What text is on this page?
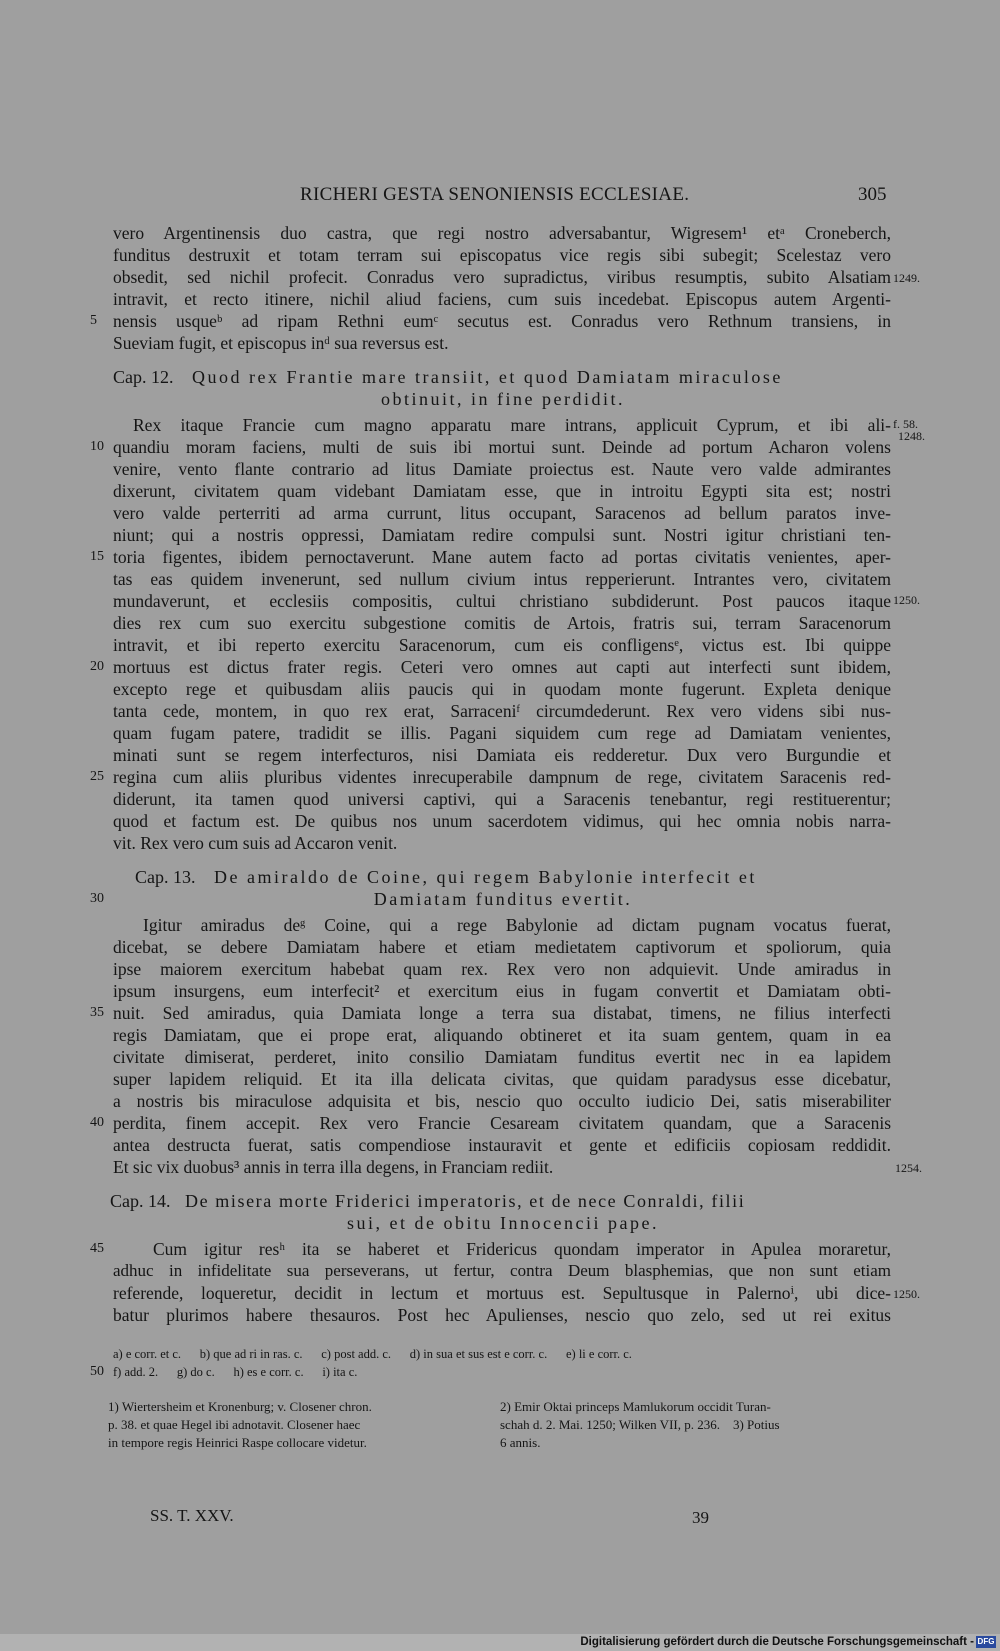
RICHERI GESTA SENONIENSIS ECCLESIAE.	305
vero Argentinensis duo castra, que regi nostro adversabantur, Wigresem¹ etᵃ Croneberch,
funditus destruxit et totam terram sui episcopatus vice regis sibi subegit; Scelestaz vero
obsedit, sed nichil profecit. Conradus vero supradictus, viribus resumptis, subito Alsatiam
intravit, et recto itinere, nichil aliud faciens, cum suis incedebat. Episcopus autem Argenti-
nensis usqueᵇ ad ripam Rethni eumᶜ secutus est. Conradus vero Rethnum transiens, in
Sueviam fugit, et episcopus inᵈ sua reversus est.
Cap. 12. Quod rex Frantie mare transiit, et quod Damiatam miraculose
obtinuit, in fine perdidit.
Rex itaque Francie cum magno apparatu mare intrans, applicuit Cyprum, et ibi ali-
quandiu moram faciens, multi de suis ibi mortui sunt. Deinde ad portum Acharon volens
venire, vento flante contrario ad litus Damiate proiectus est. Naute vero valde admirantes
dixerunt, civitatem quam videbant Damiatam esse, que in introitu Egypti sita est; nostri
vero valde perterriti ad arma currunt, litus occupant, Saracenos ad bellum paratos inve-
niunt; qui a nostris oppressi, Damiatam redire compulsi sunt. Nostri igitur christiani ten-
toria figentes, ibidem pernoctaverunt. Mane autem facto ad portas civitatis venientes, aper-
tas eas quidem invenerunt, sed nullum civium intus repperierunt. Intrantes vero, civitatem
mundaverunt, et ecclesiis compositis, cultui christiano subdiderunt. Post paucos itaque
dies rex cum suo exercitu subgestione comitis de Artois, fratris sui, terram Saracenorum
intravit, et ibi reperto exercitu Saracenorum, cum eis confligensᵉ, victus est. Ibi quippe
mortuus est dictus frater regis. Ceteri vero omnes aut capti aut interfecti sunt ibidem,
excepto rege et quibusdam aliis paucis qui in quodam monte fugerunt. Expleta denique
tanta cede, montem, in quo rex erat, Sarraceniᶠ circumdederunt. Rex vero videns sibi nus-
quam fugam patere, tradidit se illis. Pagani siquidem cum rege ad Damiatam venientes,
minati sunt se regem interfecturos, nisi Damiata eis redderetur. Dux vero Burgundie et
regina cum aliis pluribus videntes inrecuperabile dampnum de rege, civitatem Saracenis red-
diderunt, ita tamen quod universi captivi, qui a Saracenis tenebantur, regi restituerentur;
quod et factum est. De quibus nos unum sacerdotem vidimus, qui hec omnia nobis narra-
vit. Rex vero cum suis ad Accaron venit.
Cap. 13. De amiraldo de Coine, qui regem Babylonie interfecit et
Damiatam funditus evertit.
Igitur amiradus deᵍ Coine, qui a rege Babylonie ad dictam pugnam vocatus fuerat,
dicebat, se debere Damiatam habere et etiam medietatem captivorum et spoliorum, quia
ipse maiorem exercitum habebat quam rex. Rex vero non adquievit. Unde amiradus in
ipsum insurgens, eum interfecit² et exercitum eius in fugam convertit et Damiatam obti-
nuit. Sed amiradus, quia Damiata longe a terra sua distabat, timens, ne filius interfecti
regis Damiatam, que ei prope erat, aliquando obtineret et ita suam gentem, quam in ea
civitate dimiserat, perderet, inito consilio Damiatam funditus evertit nec in ea lapidem
super lapidem reliquid. Et ita illa delicata civitas, que quidam paradysus esse dicebatur,
a nostris bis miraculose adquisita et bis, nescio quo occulto iudicio Dei, satis miserabiliter
perdita, finem accepit. Rex vero Francie Cesaream civitatem quandam, que a Saracenis
antea destructa fuerat, satis compendiose instauravit et gente et edificiis copiosam reddidit.
Et sic vix duobus³ annis in terra illa degens, in Franciam rediit.
Cap. 14. De misera morte Friderici imperatoris, et de nece Conraldi, filii
sui, et de obitu Innocencii pape.
Cum igitur resʰ ita se haberet et Fridericus quondam imperator in Apulea moraretur,
adhuc in infidelitate sua perseverans, ut fertur, contra Deum blasphemias, que non sunt etiam
referende, loqueretur, decidit in lectum et mortuus est. Sepultusque in Palernoⁱ, ubi dice-
batur plurimos habere thesauros. Post hec Apulienses, nescio quo zelo, sed ut rei exitus
5
10
15
20
25
30
35
40
45
50
1249.
f. 58.
1248.
1250.
1254.
1250.
a) e corr. et c.      b) que ad ri in ras. c.      c) post add. c.      d) in sua et sus est e corr. c.      e) li e corr. c.
f) add. 2.      g) do c.      h) es e corr. c.      i) ita c.
1) Wiertersheim et Kronenburg; v. Closener chron.
p. 38. et quae Hegel ibi adnotavit. Closener haec
in tempore regis Heinrici Raspe collocare videtur.
2) Emir Oktai princeps Mamlukorum occidit Turan-
schah d. 2. Mai. 1250; Wilken VII, p. 236.    3) Potius
6 annis.
SS. T. XXV.	39
Digitalisierung gefördert durch die Deutsche Forschungsgemeinschaft - DFG
